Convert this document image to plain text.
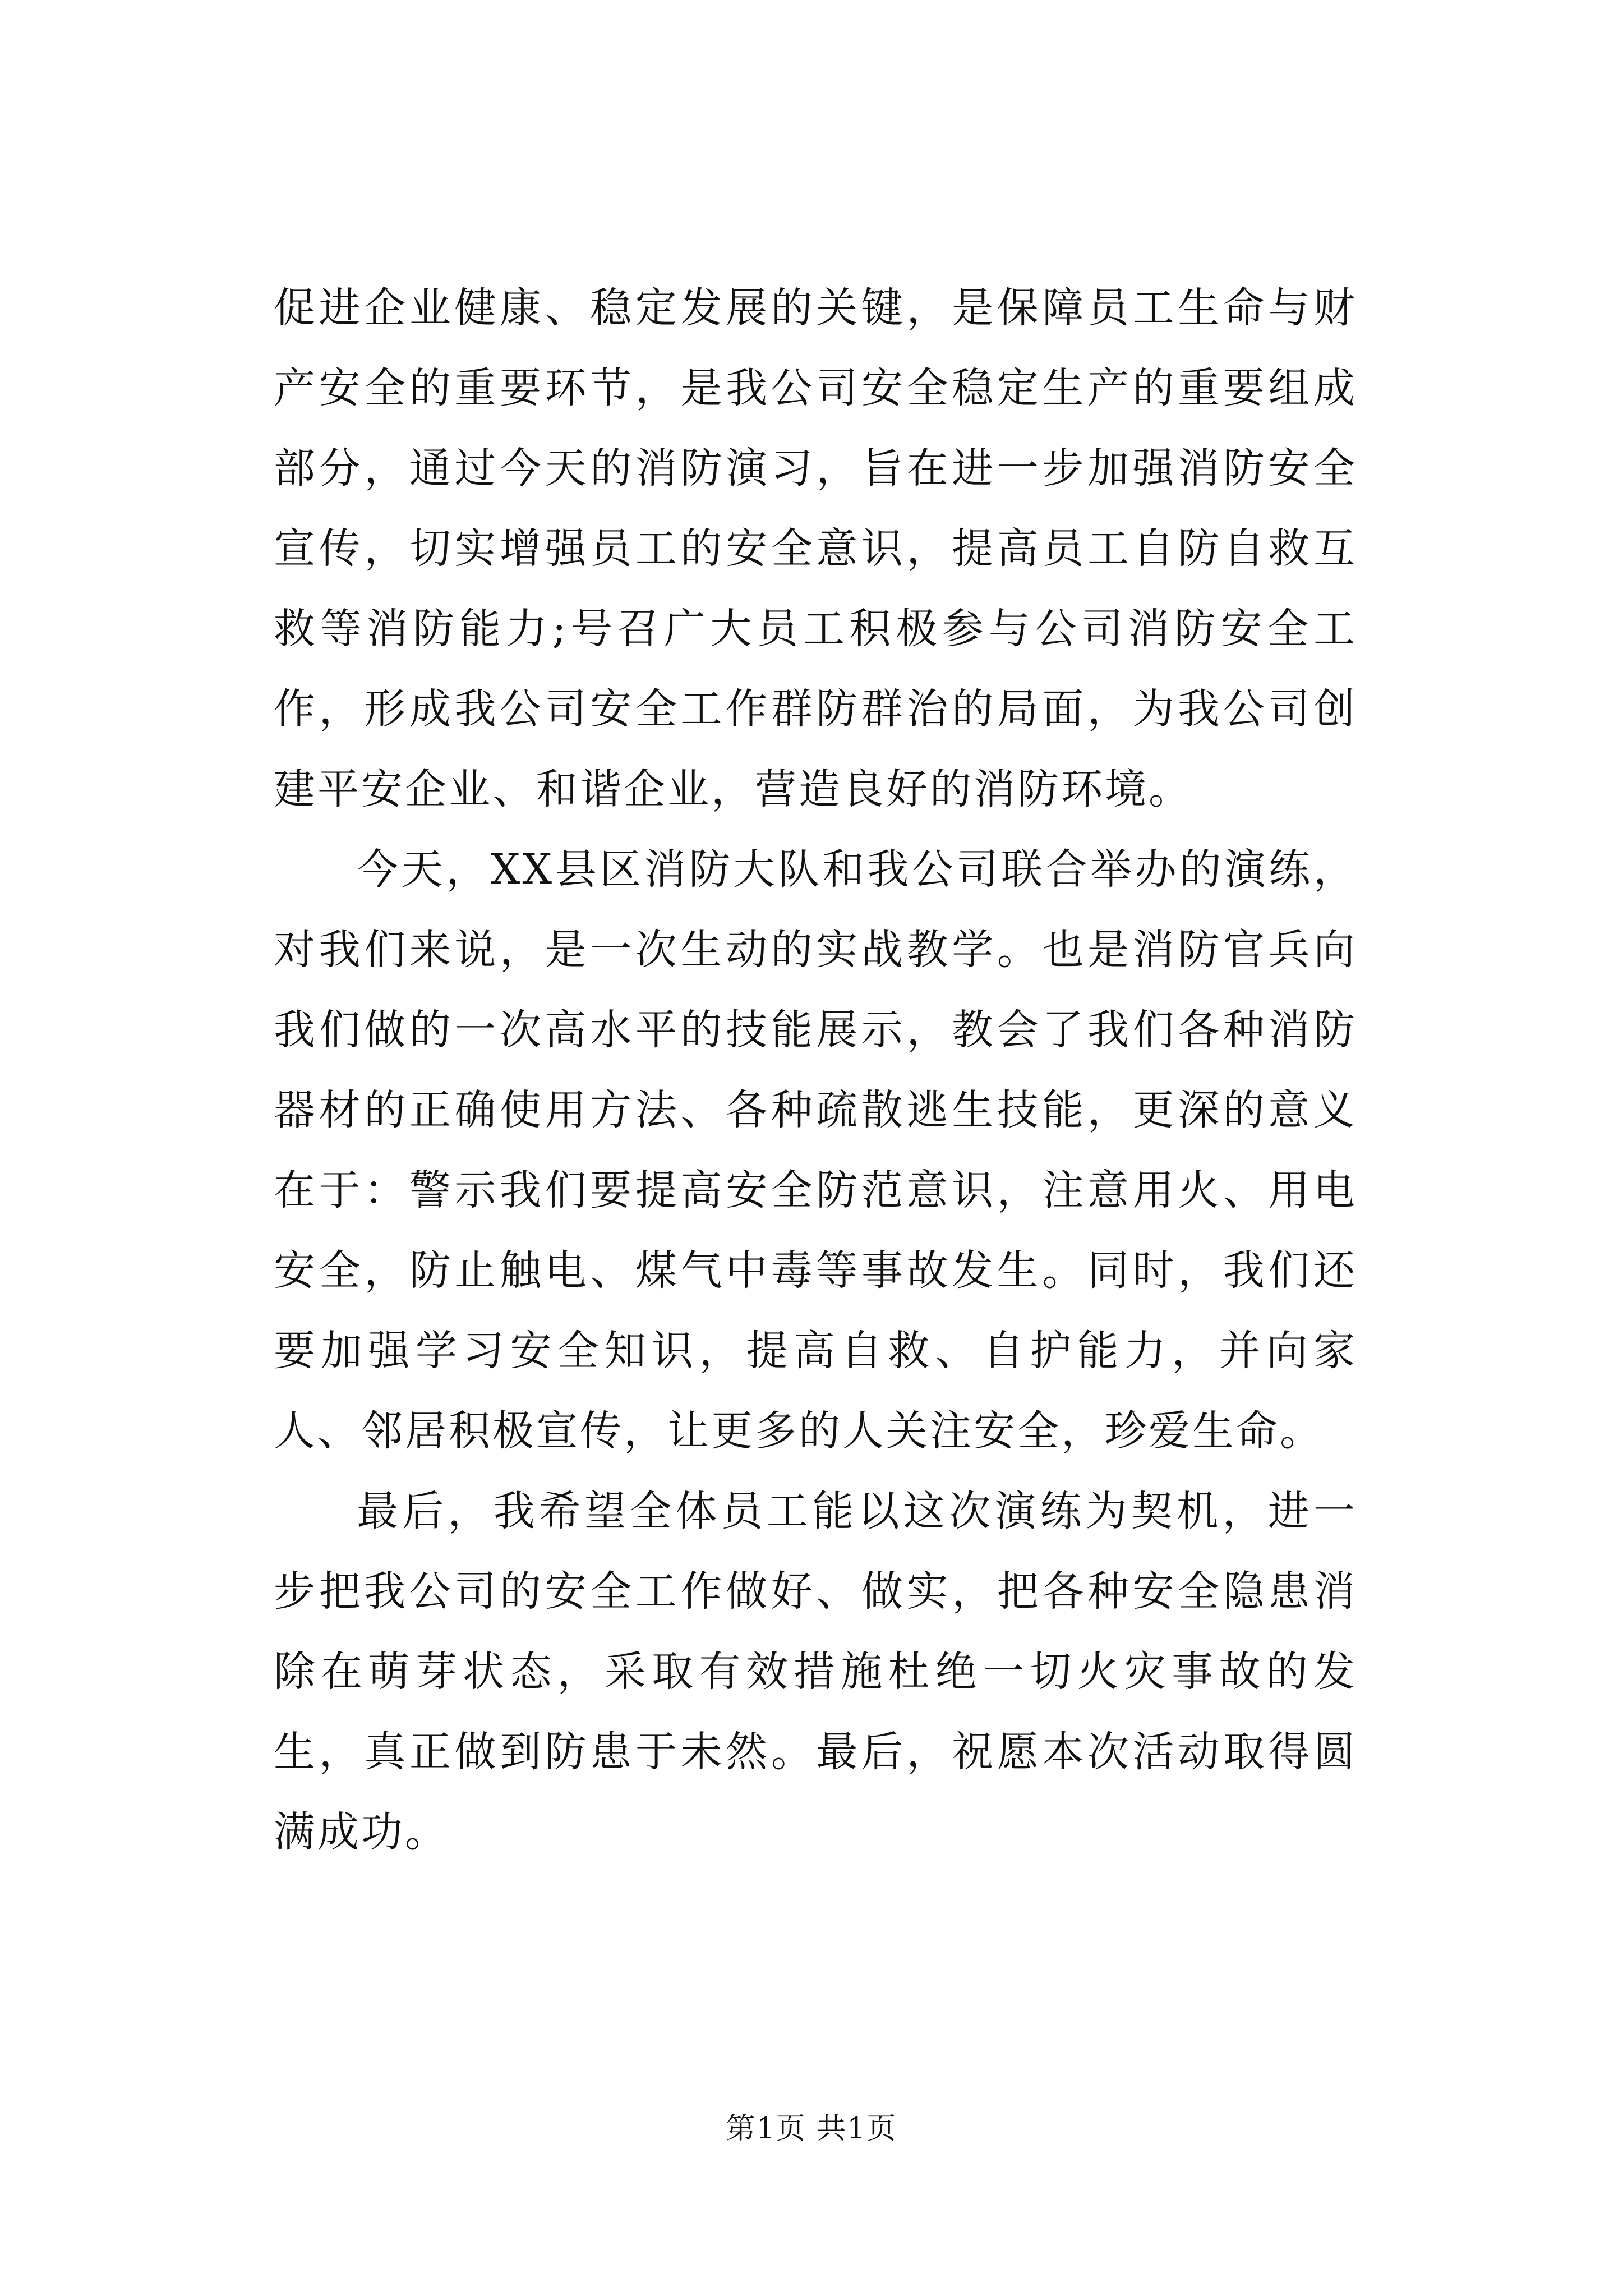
促进企业健康、稳定发展的关键，是保障员工生命与财产安全的重要环节，是我公司安全稳定生产的重要组成部分，通过今天的消防演习，旨在进一步加强消防安全宣传，切实增强员工的安全意识，提高员工自防自救互救等消防能力;号召广大员工积极参与公司消防安全工作，形成我公司安全工作群防群治的局面，为我公司创建平安企业、和谐企业，营造良好的消防环境。

今天，XX县区消防大队和我公司联合举办的演练，对我们来说，是一次生动的实战教学。也是消防官兵向我们做的一次高水平的技能展示，教会了我们各种消防器材的正确使用方法、各种疏散逃生技能，更深的意义在于：警示我们要提高安全防范意识，注意用火、用电安全，防止触电、煤气中毒等事故发生。同时，我们还要加强学习安全知识，提高自救、自护能力，并向家人、邻居积极宣传，让更多的人关注安全，珍爱生命。

最后，我希望全体员工能以这次演练为契机，进一步把我公司的安全工作做好、做实，把各种安全隐患消除在萌芽状态，采取有效措施杜绝一切火灾事故的发生，真正做到防患于未然。最后，祝愿本次活动取得圆满成功。

第1页 共1页
